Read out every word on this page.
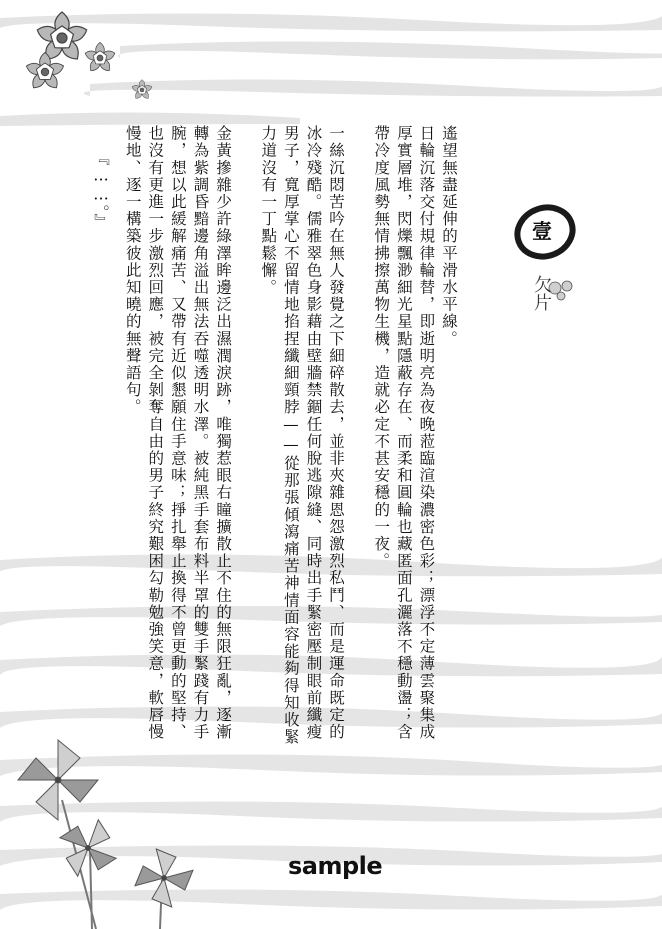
壹
欠片

遙望無盡延伸的平滑水平線。

日輪沉落交付規律輪替，即逝明亮為夜晚蒞臨渲染濃密色彩；漂浮不定薄雲聚集成厚實層堆，閃爍飄渺細光星點隱蔽存在、而柔和圓輪也藏匿面孔灑落不穩動盪；含帶冷度風勢無情拂擦萬物生機，造就必定不甚安穩的一夜。

一絲沉悶苦吟在無人發覺之下細碎散去，並非夾雜恩怨激烈私鬥、而是運命既定的冰冷殘酷。儒雅翠色身影藉由壁牆禁錮任何脫逃隙縫、同時出手緊密壓制眼前纖瘦男子，寬厚掌心不留情地掐捏纖細頸脖——從那張傾瀉痛苦神情面容能夠得知收緊力道沒有一丁點鬆懈。

金黃摻雜少許綠澤眸邊泛出濕潤淚跡，唯獨惹眼右瞳擴散止不住的無限狂亂，逐漸轉為紫調昏黯邊角溢出無法吞噬透明水澤。被純黑手套布料半罩的雙手緊踐有力手腕，想以此緩解痛苦、又帶有近似懇願住手意味；掙扎舉止換得不曾更動的堅持、也沒有更進一步激烈回應，被完全剝奪自由的男子終究艱困勾勒勉強笑意，軟唇慢慢地、逐一構築彼此知曉的無聲語句。

『……。』
sample
